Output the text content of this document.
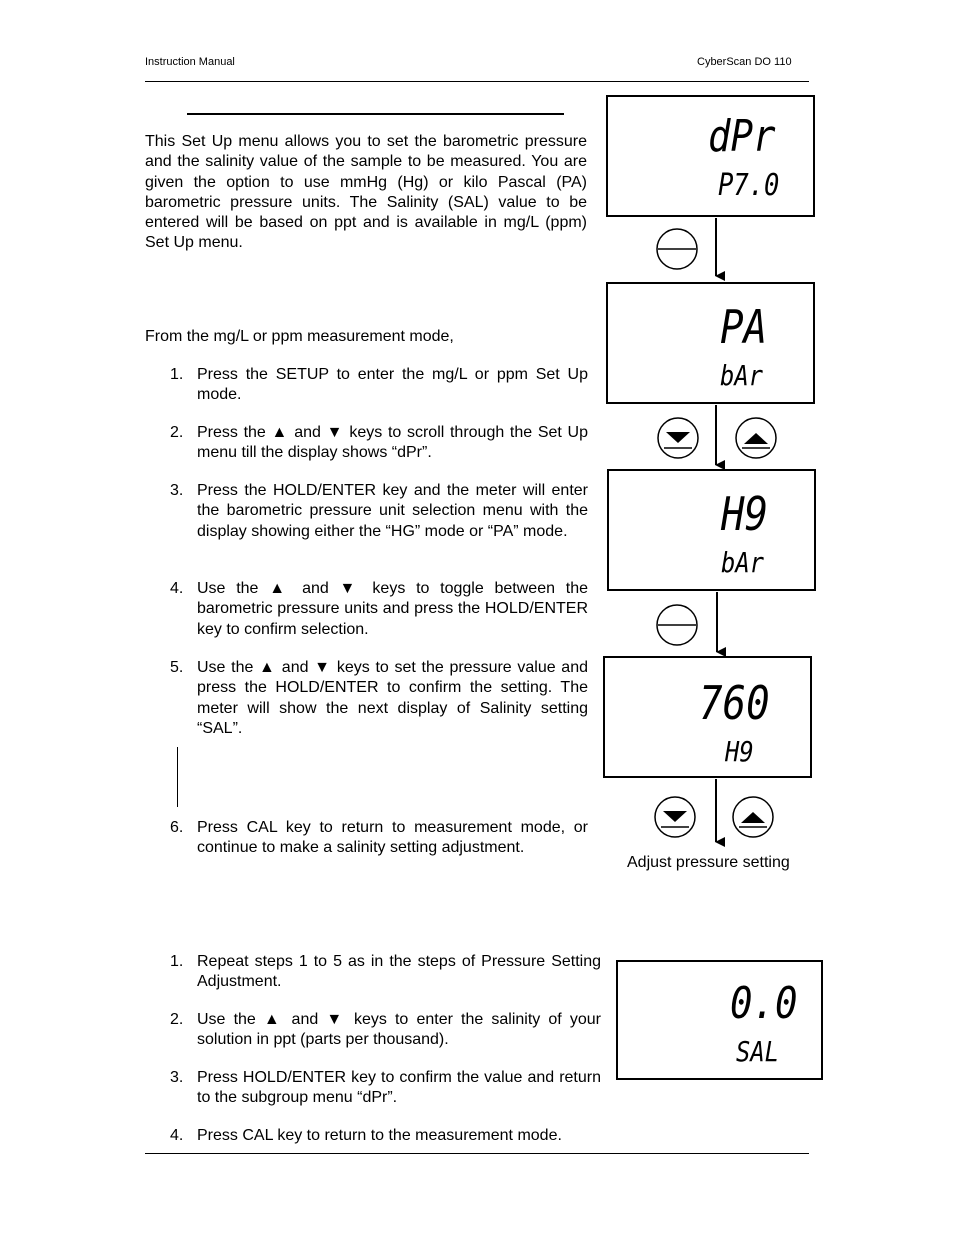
Instruction Manual	CyberScan DO 110
This Set Up menu allows you to set the barometric pressure and the salinity value of the sample to be measured. You are given the option to use mmHg (Hg) or kilo Pascal (PA) barometric pressure units. The Salinity (SAL) value to be entered will be based on ppt and is available in mg/L (ppm) Set Up menu.
From the mg/L or ppm measurement mode,
1. Press the SETUP to enter the mg/L or ppm Set Up mode.
2. Press the ▲ and ▼ keys to scroll through the Set Up menu till the display shows “dPr”.
3. Press the HOLD/ENTER key and the meter will enter the barometric pressure unit selection menu with the display showing either the “HG” mode or “PA” mode.
4. Use the ▲ and ▼ keys to toggle between the barometric pressure units and press the HOLD/ENTER key to confirm selection.
5. Use the ▲ and ▼ keys to set the pressure value and press the HOLD/ENTER to confirm the setting. The meter will show the next display of Salinity setting “SAL”.
6. Press CAL key to return to measurement mode, or continue to make a salinity setting adjustment.
1. Repeat steps 1 to 5 as in the steps of Pressure Setting Adjustment.
2. Use the ▲ and ▼ keys to enter the salinity of your solution in ppt (parts per thousand).
3. Press HOLD/ENTER key to confirm the value and return to the subgroup menu “dPr”.
4. Press CAL key to return to the measurement mode.
dPr
P7.0
PA
bAr
H9
bAr
760
H9
0.0
SAL
Adjust pressure setting
